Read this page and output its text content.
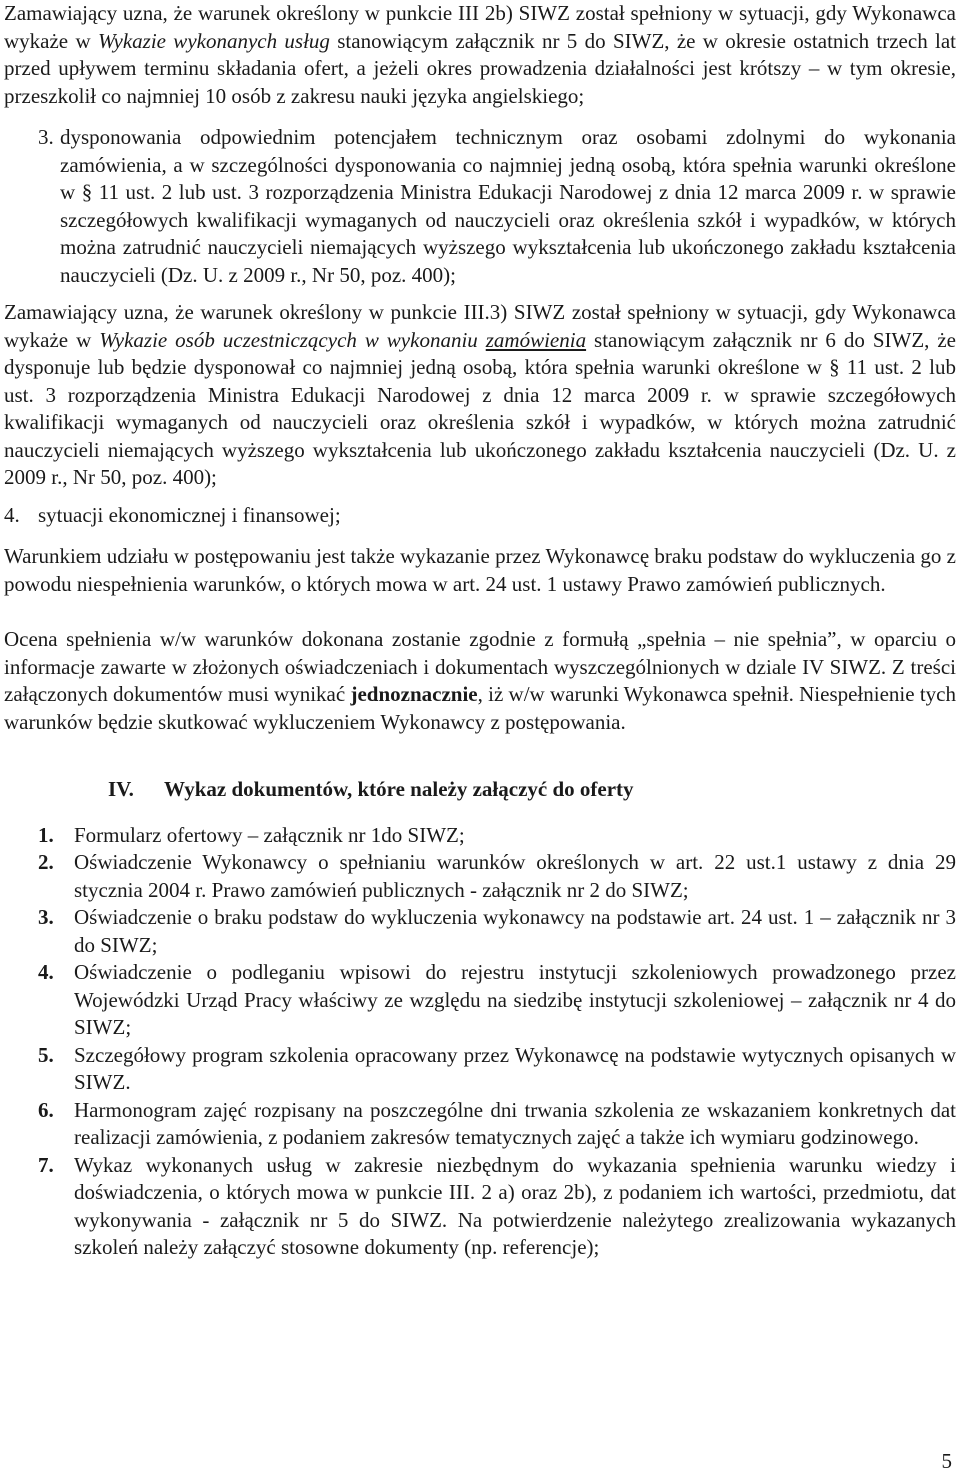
Zamawiający uzna, że warunek określony w punkcie III 2b) SIWZ został spełniony w sytuacji, gdy Wykonawca wykaże w Wykazie wykonanych usług stanowiącym załącznik nr 5 do SIWZ, że w okresie ostatnich trzech lat przed upływem terminu składania ofert, a jeżeli okres prowadzenia działalności jest krótszy – w tym okresie, przeszkolił co najmniej 10 osób z zakresu nauki języka angielskiego;

3. dysponowania odpowiednim potencjałem technicznym oraz osobami zdolnymi do wykonania zamówienia, a w szczególności dysponowania co najmniej jedną osobą, która spełnia warunki określone w § 11 ust. 2 lub ust. 3 rozporządzenia Ministra Edukacji Narodowej z dnia 12 marca 2009 r. w sprawie szczegółowych kwalifikacji wymaganych od nauczycieli oraz określenia szkół i wypadków, w których można zatrudnić nauczycieli niemających wyższego wykształcenia lub ukończonego zakładu kształcenia nauczycieli (Dz. U. z 2009 r., Nr 50, poz. 400);

Zamawiający uzna, że warunek określony w punkcie III.3) SIWZ został spełniony w sytuacji, gdy Wykonawca wykaże w Wykazie osób uczestniczących w wykonaniu zamówienia stanowiącym załącznik nr 6 do SIWZ, że dysponuje lub będzie dysponował co najmniej jedną osobą, która spełnia warunki określone w § 11 ust. 2 lub ust. 3 rozporządzenia Ministra Edukacji Narodowej z dnia 12 marca 2009 r. w sprawie szczegółowych kwalifikacji wymaganych od nauczycieli oraz określenia szkół i wypadków, w których można zatrudnić nauczycieli niemających wyższego wykształcenia lub ukończonego zakładu kształcenia nauczycieli (Dz. U. z 2009 r., Nr 50, poz. 400);

4. sytuacji ekonomicznej i finansowej;

Warunkiem udziału w postępowaniu jest także wykazanie przez Wykonawcę braku podstaw do wykluczenia go z powodu niespełnienia warunków, o których mowa w art. 24 ust. 1 ustawy Prawo zamówień publicznych.

Ocena spełnienia w/w warunków dokonana zostanie zgodnie z formułą „spełnia – nie spełnia”, w oparciu o informacje zawarte w złożonych oświadczeniach i dokumentach wyszczególnionych w dziale IV SIWZ. Z treści załączonych dokumentów musi wynikać jednoznacznie, iż w/w warunki Wykonawca spełnił. Niespełnienie tych warunków będzie skutkować wykluczeniem Wykonawcy z postępowania.

IV.	Wykaz dokumentów, które należy załączyć do oferty
1. Formularz ofertowy – załącznik nr 1do SIWZ;
2. Oświadczenie Wykonawcy o spełnianiu warunków określonych w art. 22 ust.1 ustawy z dnia 29 stycznia 2004 r. Prawo zamówień publicznych - załącznik nr 2 do SIWZ;
3. Oświadczenie o braku podstaw do wykluczenia wykonawcy na podstawie art. 24 ust. 1 – załącznik nr 3 do SIWZ;
4. Oświadczenie o podleganiu wpisowi do rejestru instytucji szkoleniowych prowadzonego przez Wojewódzki Urząd Pracy właściwy ze względu na siedzibę instytucji szkoleniowej – załącznik nr 4 do SIWZ;
5. Szczegółowy program szkolenia opracowany przez Wykonawcę na podstawie wytycznych opisanych w SIWZ.
6. Harmonogram zajęć rozpisany na poszczególne dni trwania szkolenia ze wskazaniem konkretnych dat realizacji zamówienia, z podaniem zakresów tematycznych zajęć a także ich wymiaru godzinowego.
7. Wykaz wykonanych usług w zakresie niezbędnym do wykazania spełnienia warunku wiedzy i doświadczenia, o których mowa w punkcie III. 2 a) oraz 2b), z podaniem ich wartości, przedmiotu, dat wykonywania - załącznik nr 5 do SIWZ. Na potwierdzenie należytego zrealizowania wykazanych szkoleń należy załączyć stosowne dokumenty (np. referencje);
5
